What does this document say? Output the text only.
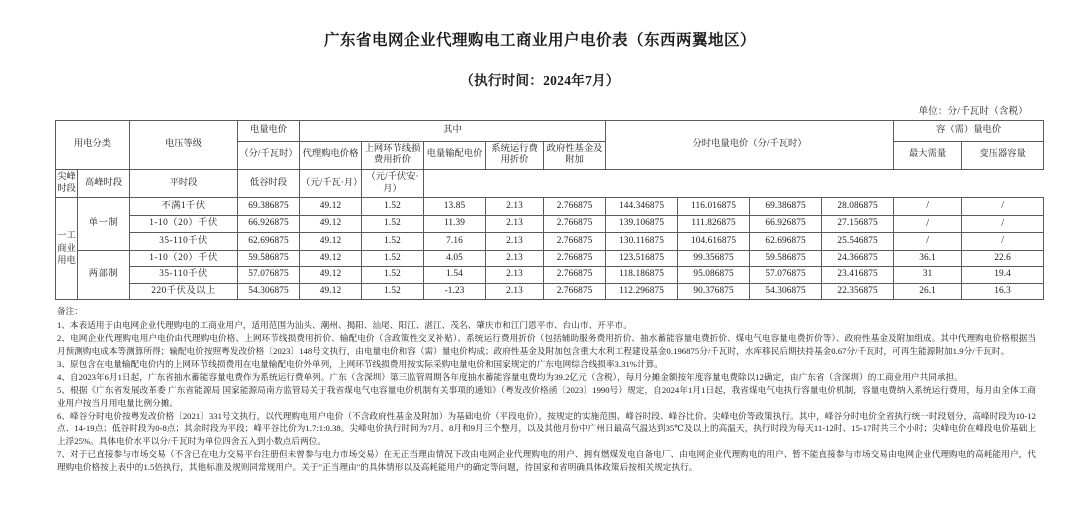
广东省电网企业代理购电工商业用户电价表（东西两翼地区）
（执行时间：2024年7月）
单位：分/千瓦时（含税）
用电分类		电压等级	电量电价	其中					分时电量电价（分/千瓦时）				容（需）量电价	
			（分/千瓦时）	代理购电价格	上网环节线损费用折价	电量输配电价	系统运行费用折价	政府性基金及附加					最大需量	变压器容量
尖峰时段	高峰时段	平时段	低谷时段	（元/千瓦·月）	（元/千伏安·月）									
一工商业用电	单一制	不满1千伏	69.386875	49.12	1.52	13.85	2.13	2.766875	144.346875	116.016875	69.386875	28.086875	/	/
		1-10（20）千伏	66.926875	49.12	1.52	11.39	2.13	2.766875	139.106875	111.826875	66.926875	27.156875	/	/
		35-110千伏	62.696875	49.12	1.52	7.16	2.13	2.766875	130.116875	104.616875	62.696875	25.546875	/	/
	两部制	1-10（20）千伏	59.586875	49.12	1.52	4.05	2.13	2.766875	123.516875	99.356875	59.586875	24.366875	36.1	22.6
		35-110千伏	57.076875	49.12	1.52	1.54	2.13	2.766875	118.186875	95.086875	57.076875	23.416875	31	19.4
		220千伏及以上	54.306875	49.12	1.52	-1.23	2.13	2.766875	112.296875	90.376875	54.306875	22.356875	26.1	16.3

备注：

1、本表适用于由电网企业代理购电的工商业用户，适用范围为汕头、潮州、揭阳、汕尾、阳江、湛江、茂名、肇庆市和江门恩平市、台山市、开平市。

2、电网企业代理购电用户电价由代理购电价格、上网环节线损费用折价、输配电价（含政策性交叉补贴）、系统运行费用折价（包括辅助服务费用折价、抽水蓄能容量电费折价、煤电气电容量电费折价等）、政府性基金及附加组成。其中代理购电价格根据当月预测购电成本等测算所得；输配电价按照粤发改价格〔2023〕148号文执行，由电量电价和容（需）量电价构成；政府性基金及附加包含重大水利工程建设基金0.196875分/千瓦时，水库移民后期扶持基金0.67分/千瓦时，可再生能源附加1.9分/千瓦时。

3、原包含在电量输配电价内的上网环节线损费用在电量输配电价外单列，上网环节线损费用按实际采购电量电价和国家规定的广东电网综合线损率3.31%计算。

4、自2023年6月1日起，广东省抽水蓄能容量电费作为系统运行费单列。广东（含深圳）第三监管周期各年度抽水蓄能容量电费均为39.2亿元（含税），每月分摊金额按年度容量电费除以12确定，由广东省（含深圳）的工商业用户共同承担。

5、根据《广东省发展改革委 广东省能源局 国家能源局南方监管局关于我省煤电气电容量电价机制有关事项的通知》（粤发改价格函〔2023〕1990号）规定，自2024年1月1日起，我省煤电气电执行容量电价机制，容量电费纳入系统运行费用，每月由全体工商业用户按当月用电量比例分摊。

6、峰谷分时电价按粤发改价格〔2021〕331号文执行，以代理购电用户电价（不含政府性基金及附加）为基础电价（平段电价），按规定的实施范围、峰谷时段、峰谷比价、尖峰电价等政策执行。其中，峰谷分时电价全省执行统一时段划分，高峰时段为10-12点、14-19点；低谷时段为0-8点；其余时段为平段；峰平谷比价为1.7:1:0.38。尖峰电价执行时间为7月、8月和9月三个整月，以及其他月份中广州日最高气温达到35℃及以上的高温天，执行时段为每天11-12时、15-17时共三个小时；尖峰电价在峰段电价基础上上浮25%。具体电价水平以分/千瓦时为单位四舍五入到小数点后两位。

7、对于已直接参与市场交易（不含已在电力交易平台注册但未曾参与电力市场交易）在无正当理由情况下改由电网企业代理购电的用户、拥有燃煤发电自备电厂、由电网企业代理购电的用户、暂不能直接参与市场交易由电网企业代理购电的高耗能用户，代理购电价格按上表中的1.5倍执行，其他标准及规则同常规用户。关于"正当理由"的具体情形以及高耗能用户的确定等问题，待国家和省明确具体政策后按相关规定执行。
